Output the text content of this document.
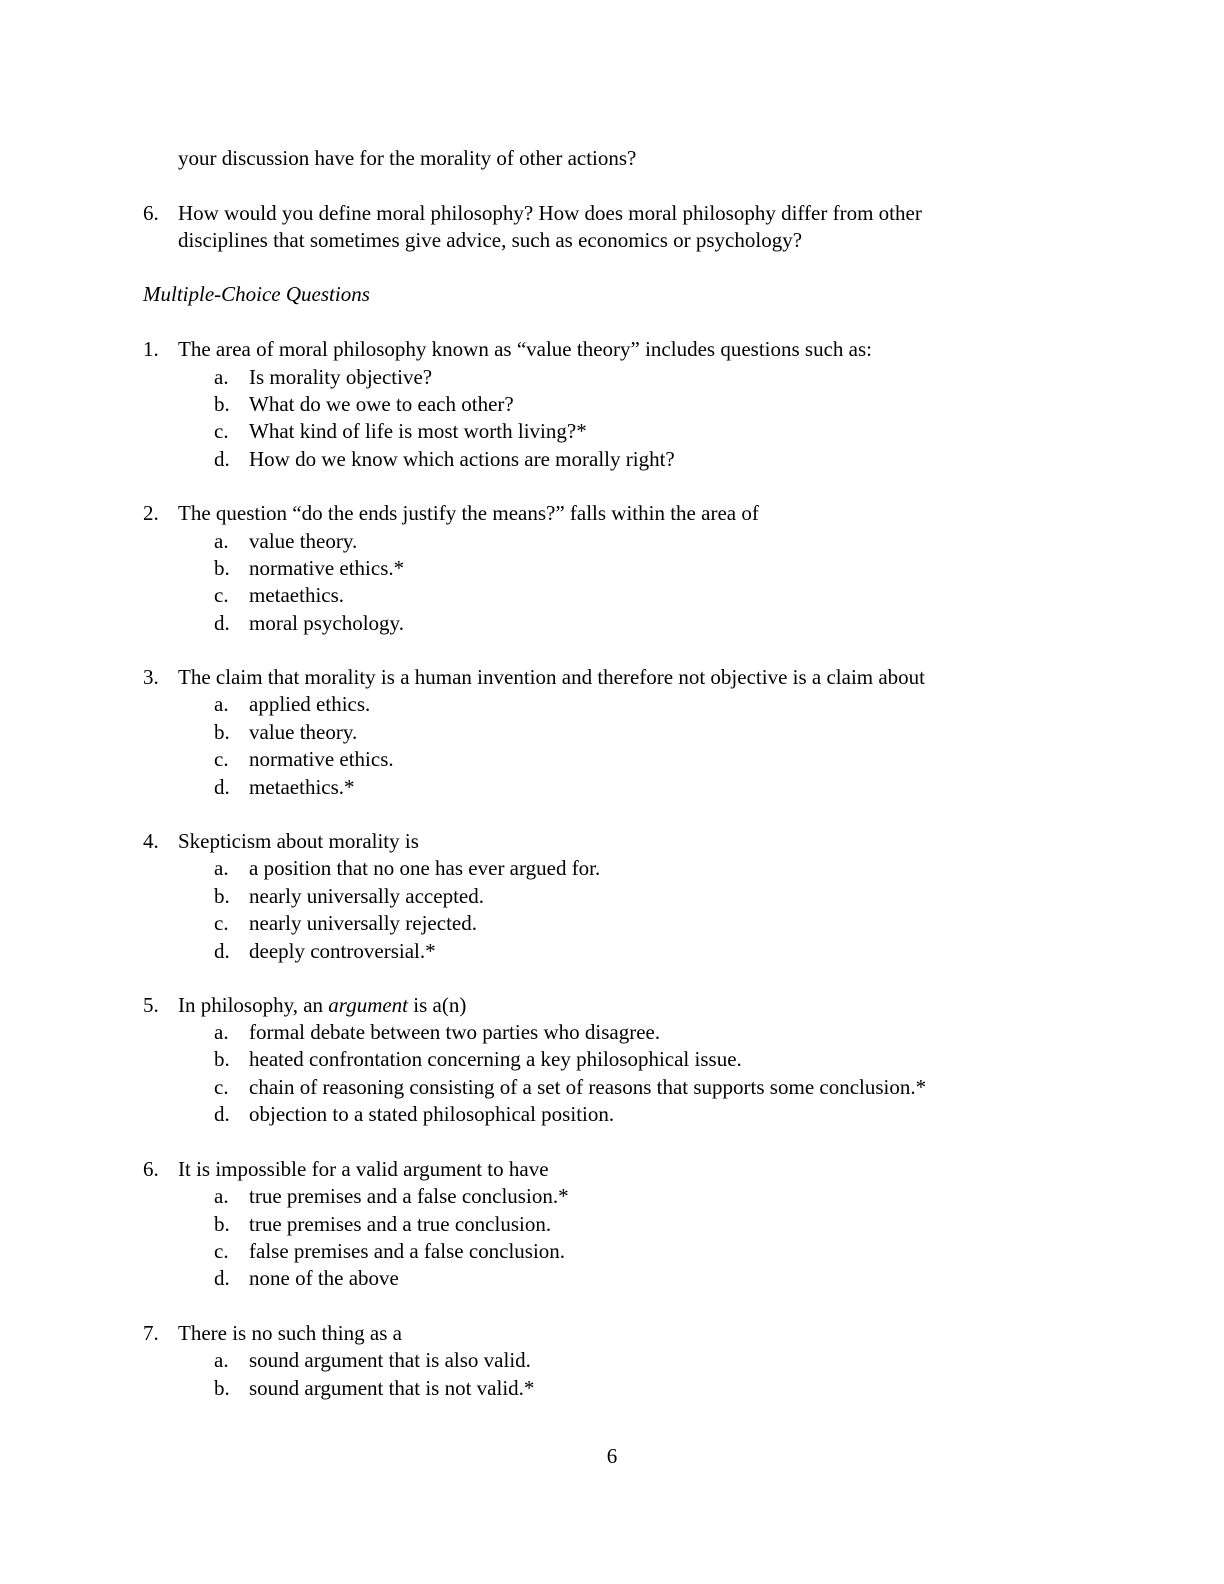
your discussion have for the morality of other actions?
6. How would you define moral philosophy? How does moral philosophy differ from other
disciplines that sometimes give advice, such as economics or psychology?
Multiple-Choice Questions
1. The area of moral philosophy known as “value theory” includes questions such as:
a. Is morality objective?
b. What do we owe to each other?
c. What kind of life is most worth living?*
d. How do we know which actions are morally right?
2. The question “do the ends justify the means?” falls within the area of
a. value theory.
b. normative ethics.*
c. metaethics.
d. moral psychology.
3. The claim that morality is a human invention and therefore not objective is a claim about
a. applied ethics.
b. value theory.
c. normative ethics.
d. metaethics.*
4. Skepticism about morality is
a. a position that no one has ever argued for.
b. nearly universally accepted.
c. nearly universally rejected.
d. deeply controversial.*
5. In philosophy, an argument is a(n)
a. formal debate between two parties who disagree.
b. heated confrontation concerning a key philosophical issue.
c. chain of reasoning consisting of a set of reasons that supports some conclusion.*
d. objection to a stated philosophical position.
6. It is impossible for a valid argument to have
a. true premises and a false conclusion.*
b. true premises and a true conclusion.
c. false premises and a false conclusion.
d. none of the above
7. There is no such thing as a
a. sound argument that is also valid.
b. sound argument that is not valid.*
6
